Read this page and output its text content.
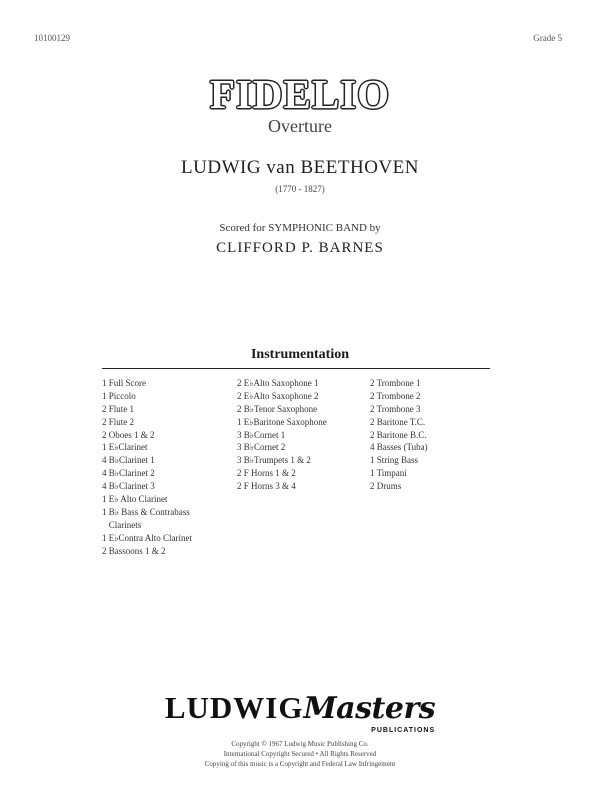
10100129	Grade 5
FIDELIO
Overture
LUDWIG van BEETHOVEN
(1770 - 1827)
Scored for SYMPHONIC BAND by
CLIFFORD P. BARNES
Instrumentation
1 Full Score
1 Piccolo
2 Flute 1
2 Flute 2
2 Oboes 1 & 2
1 E♭Clarinet
4 B♭Clarinet 1
4 B♭Clarinet 2
4 B♭Clarinet 3
1 E♭ Alto Clarinet
1 B♭ Bass & Contrabass
Clarinets
1 E♭Contra Alto Clarinet
2 Bassoons 1 & 2
2 E♭Alto Saxophone 1
2 E♭Alto Saxophone 2
2 B♭Tenor Saxophone
1 E♭Baritone Saxophone
3 B♭Cornet 1
3 B♭Cornet 2
3 B♭Trumpets 1 & 2
2 F Horns 1 & 2
2 F Horns 3 & 4
2 Trombone 1
2 Trombone 2
2 Trombone 3
2 Baritone T.C.
2 Baritone B.C.
4 Basses (Tuba)
1 String Bass
1 Timpani
2 Drums
LUDWIGMasters
PUBLICATIONS
Copyright © 1967 Ludwig Music Publishing Co.
International Copyright Secured • All Rights Reserved
Copying of this music is a Copyright and Federal Law Infringement
